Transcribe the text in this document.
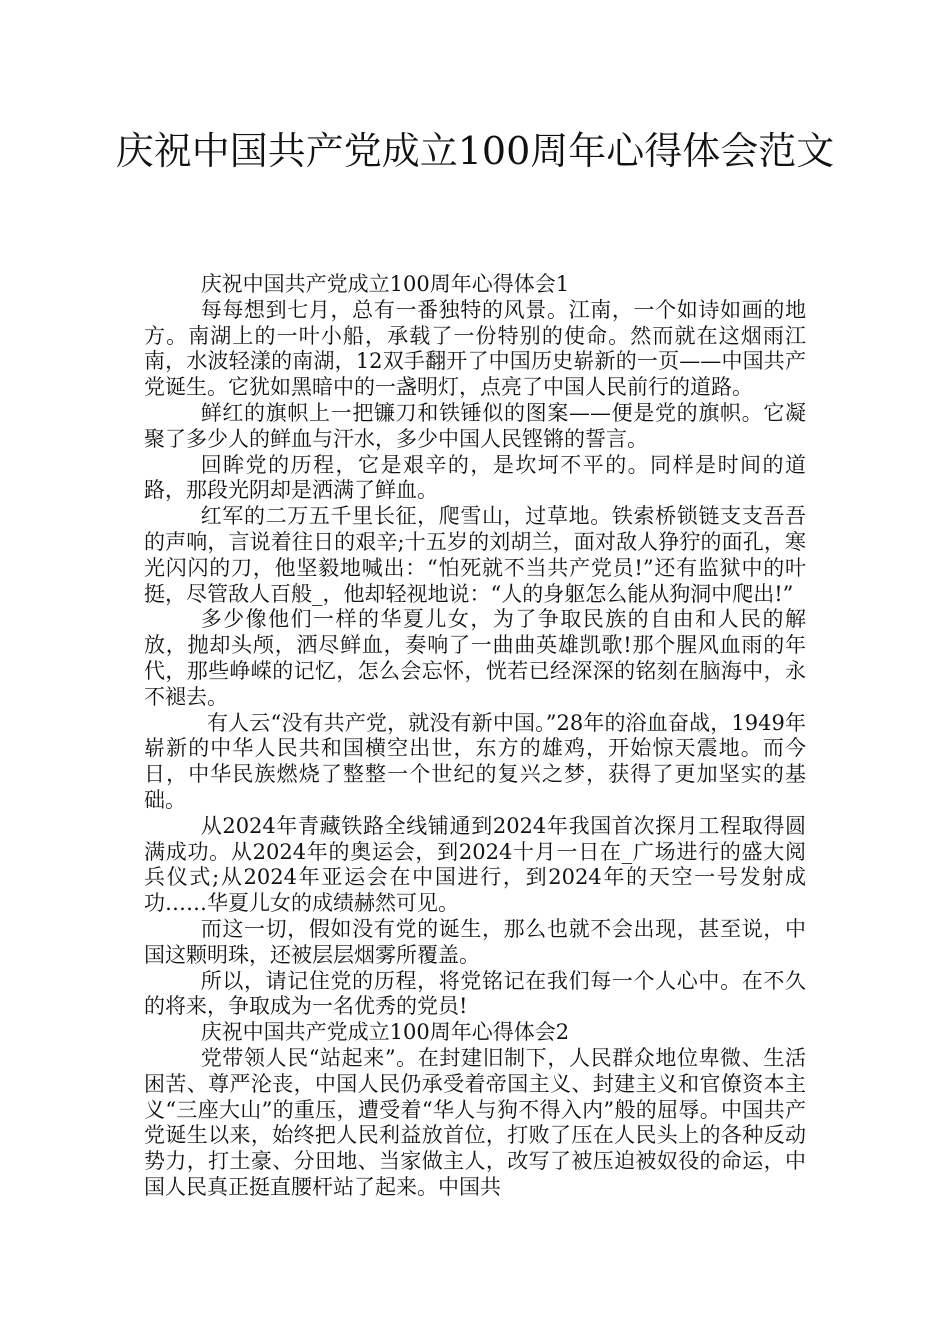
庆祝中国共产党成立100周年心得体会范文

庆祝中国共产党成立100周年心得体会1

每每想到七月，总有一番独特的风景。江南，一个如诗如画的地方。南湖上的一叶小船，承载了一份特别的使命。然而就在这烟雨江南，水波轻漾的南湖，12双手翻开了中国历史崭新的一页——中国共产党诞生。它犹如黑暗中的一盏明灯，点亮了中国人民前行的道路。

鲜红的旗帜上一把镰刀和铁锤似的图案——便是党的旗帜。它凝聚了多少人的鲜血与汗水，多少中国人民铿锵的誓言。

回眸党的历程，它是艰辛的，是坎坷不平的。同样是时间的道路，那段光阴却是洒满了鲜血。

红军的二万五千里长征，爬雪山，过草地。铁索桥锁链支支吾吾的声响，言说着往日的艰辛;十五岁的刘胡兰，面对敌人狰狞的面孔，寒光闪闪的刀，他坚毅地喊出：“怕死就不当共产党员!”还有监狱中的叶挺，尽管敌人百般_，他却轻视地说：“人的身躯怎么能从狗洞中爬出!”

多少像他们一样的华夏儿女，为了争取民族的自由和人民的解放，抛却头颅，洒尽鲜血，奏响了一曲曲英雄凯歌!那个腥风血雨的年代，那些峥嵘的记忆，怎么会忘怀，恍若已经深深的铭刻在脑海中，永不褪去。

有人云“没有共产党，就没有新中国。”28年的浴血奋战，1949年崭新的中华人民共和国横空出世，东方的雄鸡，开始惊天震地。而今日，中华民族燃烧了整整一个世纪的复兴之梦，获得了更加坚实的基础。

从2024年青藏铁路全线铺通到2024年我国首次探月工程取得圆满成功。从2024年的奥运会，到2024十月一日在_广场进行的盛大阅兵仪式;从2024年亚运会在中国进行，到2024年的天空一号发射成功……华夏儿女的成绩赫然可见。

而这一切，假如没有党的诞生，那么也就不会出现，甚至说，中国这颗明珠，还被层层烟雾所覆盖。

所以，请记住党的历程，将党铭记在我们每一个人心中。在不久的将来，争取成为一名优秀的党员!

庆祝中国共产党成立100周年心得体会2

党带领人民“站起来”。在封建旧制下，人民群众地位卑微、生活困苦、尊严沦丧，中国人民仍承受着帝国主义、封建主义和官僚资本主义“三座大山”的重压，遭受着“华人与狗不得入内”般的屈辱。中国共产党诞生以来，始终把人民利益放首位，打败了压在人民头上的各种反动势力，打土豪、分田地、当家做主人，改写了被压迫被奴役的命运，中国人民真正挺直腰杆站了起来。中国共
